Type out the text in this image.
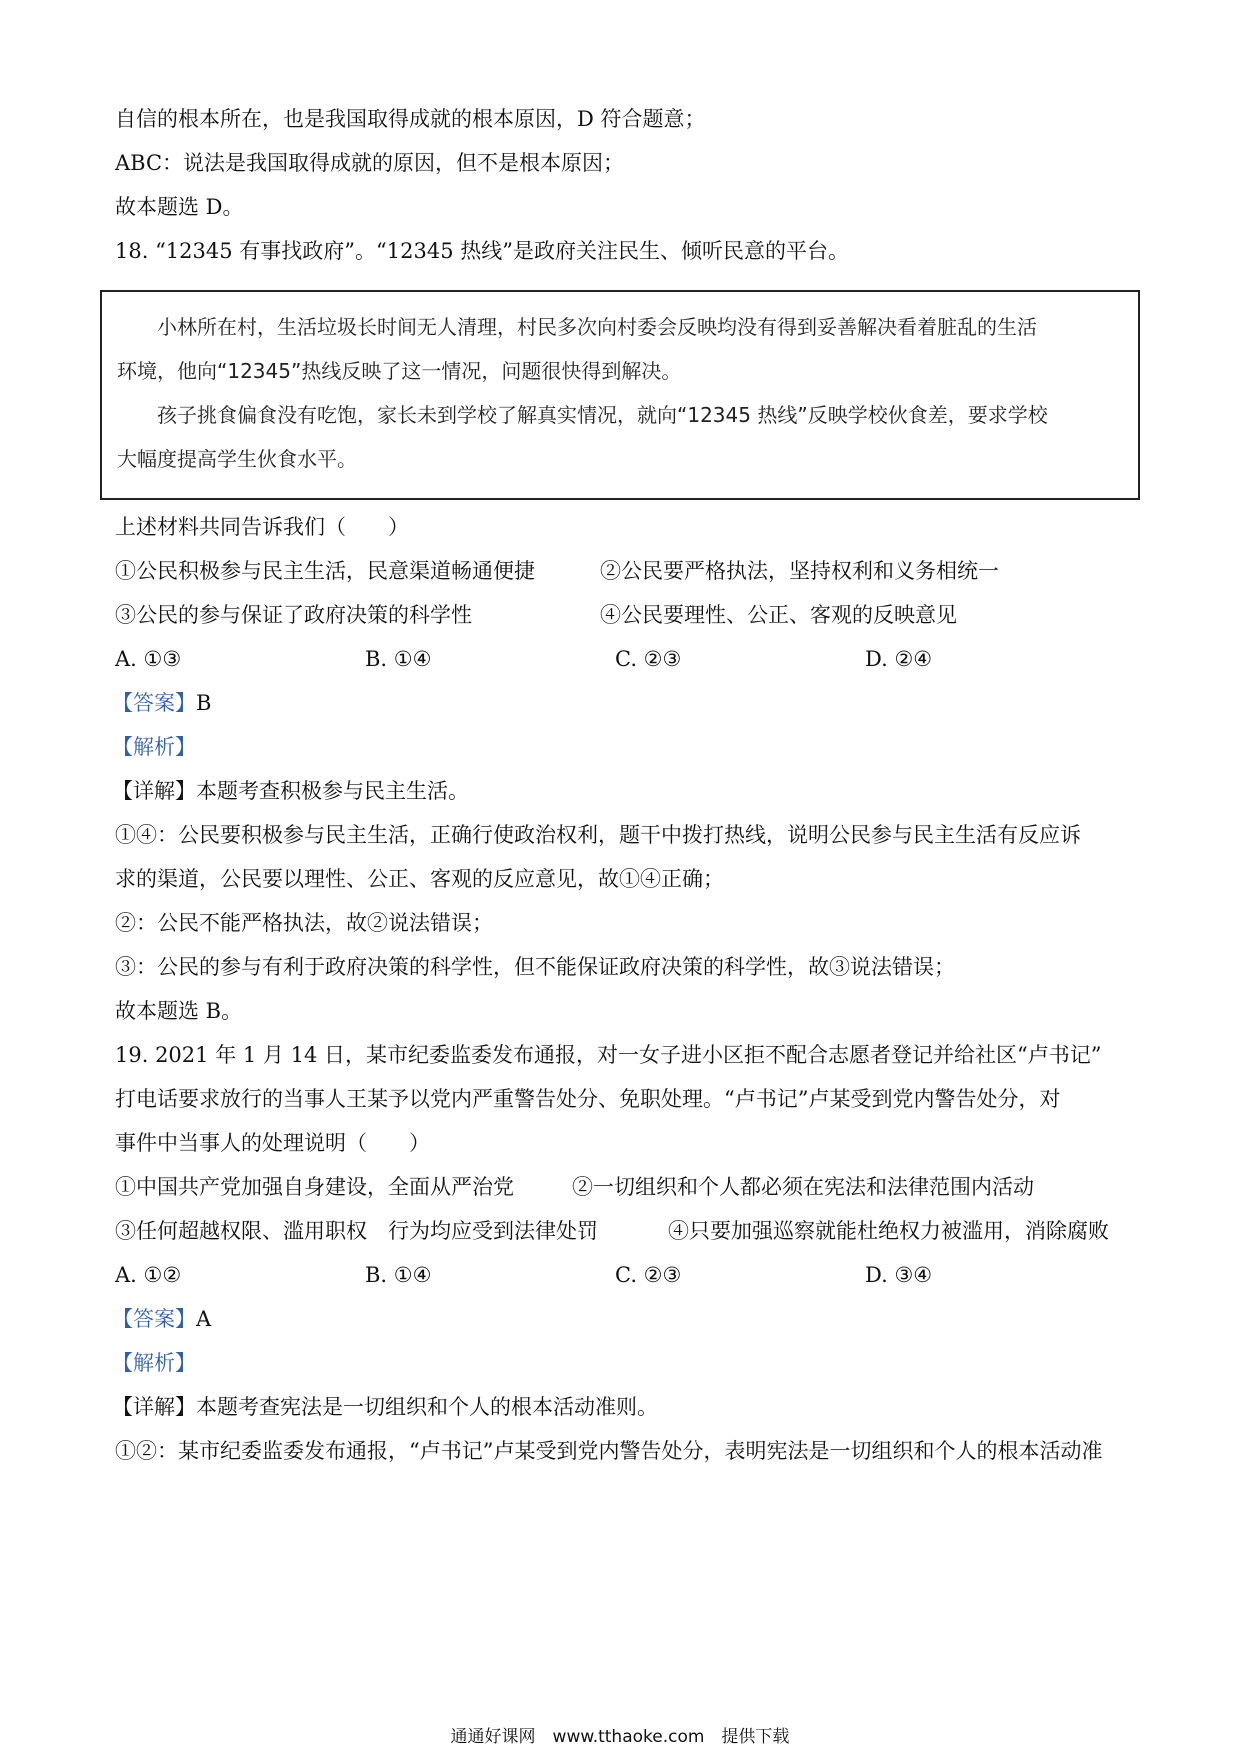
自信的根本所在，也是我国取得成就的根本原因，D 符合题意；
ABC：说法是我国取得成就的原因，但不是根本原因；
故本题选 D。
18. “12345 有事找政府”。“12345 热线”是政府关注民生、倾听民意的平台。
小林所在村，生活垃圾长时间无人清理，村民多次向村委会反映均没有得到妥善解决看着脏乱的生活
环境，他向“12345”热线反映了这一情况，问题很快得到解决。
孩子挑食偏食没有吃饱，家长未到学校了解真实情况，就向“12345 热线”反映学校伙食差，要求学校
大幅度提高学生伙食水平。
上述材料共同告诉我们（　　）
①公民积极参与民主生活，民意渠道畅通便捷	②公民要严格执法，坚持权利和义务相统一
③公民的参与保证了政府决策的科学性	④公民要理性、公正、客观的反映意见
A. ①③	B. ①④	C. ②③	D. ②④
【答案】B
【解析】
【详解】本题考查积极参与民主生活。
①④：公民要积极参与民主生活，正确行使政治权利，题干中拨打热线，说明公民参与民主生活有反应诉
求的渠道，公民要以理性、公正、客观的反应意见，故①④正确；
②：公民不能严格执法，故②说法错误；
③：公民的参与有利于政府决策的科学性，但不能保证政府决策的科学性，故③说法错误；
故本题选 B。
19. 2021 年 1 月 14 日，某市纪委监委发布通报，对一女子进小区拒不配合志愿者登记并给社区“卢书记”
打电话要求放行的当事人王某予以党内严重警告处分、免职处理。“卢书记”卢某受到党内警告处分，对
事件中当事人的处理说明（　　）
①中国共产党加强自身建设，全面从严治党	②一切组织和个人都必须在宪法和法律范围内活动
③任何超越权限、滥用职权　行为均应受到法律处罚	④只要加强巡察就能杜绝权力被滥用，消除腐败
A. ①②	B. ①④	C. ②③	D. ③④
【答案】A
【解析】
【详解】本题考查宪法是一切组织和个人的根本活动准则。
①②：某市纪委监委发布通报，“卢书记”卢某受到党内警告处分，表明宪法是一切组织和个人的根本活动准
通通好课网　www.tthaoke.com　提供下载
